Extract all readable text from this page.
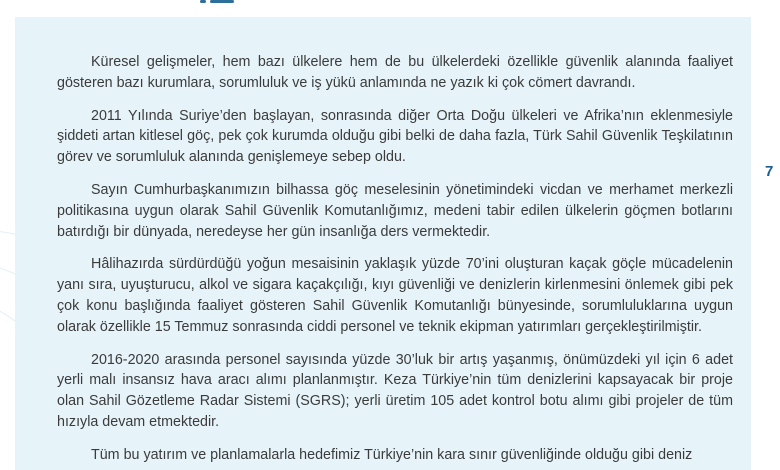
Küresel gelişmeler, hem bazı ülkelere hem de bu ülkelerdeki özellikle güvenlik alanında faaliyet gösteren bazı kurumlara, sorumluluk ve iş yükü anlamında ne yazık ki çok cömert davrandı.

2011 Yılında Suriye’den başlayan, sonrasında diğer Orta Doğu ülkeleri ve Afrika’nın eklenmesiyle şiddeti artan kitlesel göç, pek çok kurumda olduğu gibi belki de daha fazla, Türk Sahil Güvenlik Teşkilatının görev ve sorumluluk alanında genişlemeye sebep oldu.

Sayın Cumhurbaşkanımızın bilhassa göç meselesinin yönetimindeki vicdan ve merhamet merkezli politikasına uygun olarak Sahil Güvenlik Komutanlığımız, medeni tabir edilen ülkelerin göçmen botlarını batırdığı bir dünyada, neredeyse her gün insanlığa ders vermektedir.

Hâlihazırda sürdürdüğü yoğun mesaisinin yaklaşık yüzde 70’ini oluşturan kaçak göçle mücadelenin yanı sıra, uyuşturucu, alkol ve sigara kaçakçılığı, kıyı güvenliği ve denizlerin kirlenmesini önlemek gibi pek çok konu başlığında faaliyet gösteren Sahil Güvenlik Komutanlığı bünyesinde, sorumluluklarına uygun olarak özellikle 15 Temmuz sonrasında ciddi personel ve teknik ekipman yatırımları gerçekleştirilmiştir.

2016-2020 arasında personel sayısında yüzde 30’luk bir artış yaşanmış, önümüzdeki yıl için 6 adet yerli malı insansız hava aracı alımı planlanmıştır. Keza Türkiye’nin tüm denizlerini kapsayacak bir proje olan Sahil Gözetleme Radar Sistemi (SGRS); yerli üretim 105 adet kontrol botu alımı gibi projeler de tüm hızıyla devam etmektedir.

Tüm bu yatırım ve planlamalarla hedefimiz Türkiye’nin kara sınır güvenliğinde olduğu gibi deniz

7
